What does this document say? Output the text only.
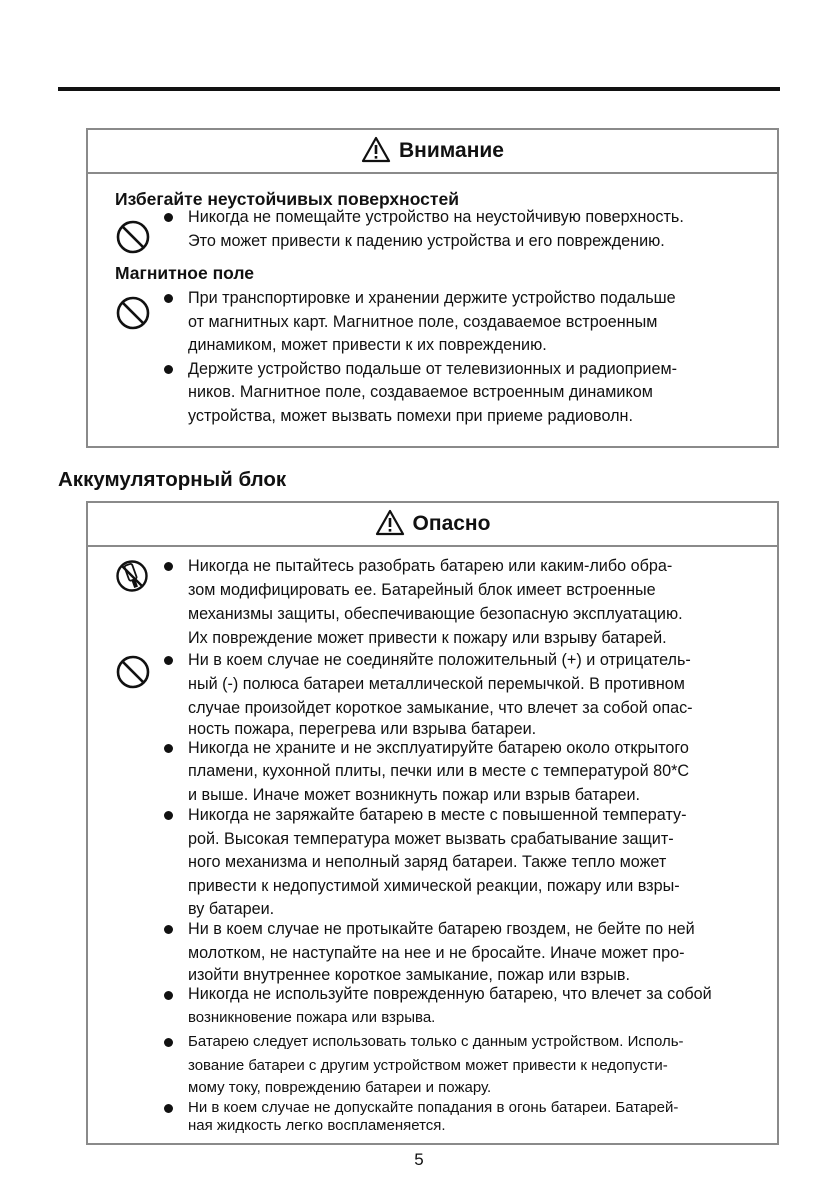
Внимание
Избегайте неустойчивых поверхностей
Никогда не помещайте устройство на неустойчивую поверхность.
Это может привести к падению устройства и его повреждению.
Магнитное поле
При транспортировке и хранении держите устройство подальше
от магнитных карт. Магнитное поле, создаваемое встроенным
динамиком, может привести к их повреждению.
Держите устройство подальше от телевизионных и радиоприем-
ников. Магнитное поле, создаваемое встроенным динамиком
устройства, может вызвать помехи при приеме радиоволн.
Аккумуляторный блок
Опасно
Никогда не пытайтесь разобрать батарею или каким-либо обра-
зом модифицировать ее. Батарейный блок имеет встроенные
механизмы защиты, обеспечивающие безопасную эксплуатацию.
Их повреждение может привести к пожару или взрыву батарей.
Ни в коем случае не соединяйте положительный (+) и отрицатель-
ный (-) полюса батареи металлической перемычкой. В противном
случае произойдет короткое замыкание, что влечет за собой опас-
ность пожара, перегрева или взрыва батареи.
Никогда не храните и не эксплуатируйте батарею около открытого
пламени, кухонной плиты, печки или в месте с температурой 80*C
и выше. Иначе может возникнуть пожар или взрыв батареи.
Никогда не заряжайте батарею в месте с повышенной температу-
рой. Высокая температура может вызвать срабатывание защит-
ного механизма и неполный заряд батареи. Также тепло может
привести к недопустимой химической реакции, пожару или взры-
ву батареи.
Ни в коем случае не протыкайте батарею гвоздем, не бейте по ней
молотком, не наступайте на нее и не бросайте. Иначе может про-
изойти внутреннее короткое замыкание, пожар или взрыв.
Никогда не используйте поврежденную батарею, что влечет за собой
возникновение пожара или взрыва.
Батарею следует использовать только с данным устройством. Исполь-
зование батареи с другим устройством может привести к недопусти-
мому току, повреждению батареи и пожару.
Ни в коем случае не допускайте попадания в огонь батареи. Батарей-
ная жидкость легко воспламеняется.
5
